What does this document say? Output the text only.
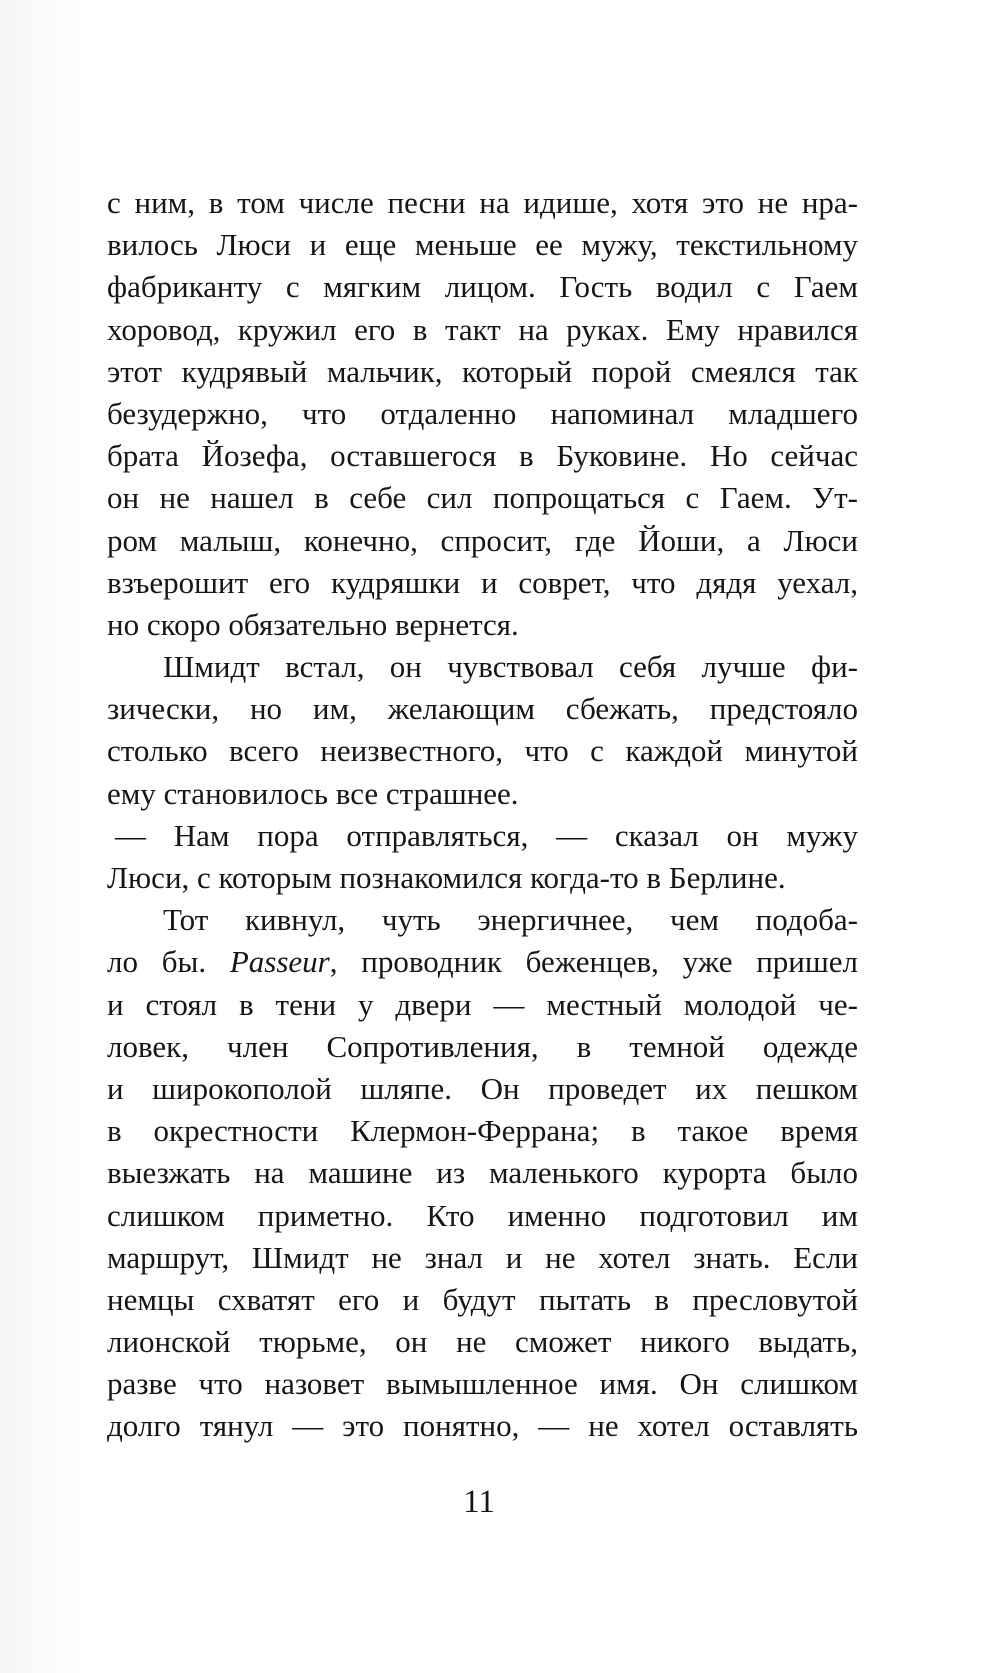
с ним, в том числе песни на идише, хотя это не нра-
вилось Люси и еще меньше ее мужу, текстильному
фабриканту с мягким лицом. Гость водил с Гаем
хоровод, кружил его в такт на руках. Ему нравился
этот кудрявый мальчик, который порой смеялся так
безудержно, что отдаленно напоминал младшего
брата Йозефа, оставшегося в Буковине. Но сейчас
он не нашел в себе сил попрощаться с Гаем. Ут-
ром малыш, конечно, спросит, где Йоши, а Люси
взъерошит его кудряшки и соврет, что дядя уехал,
но скоро обязательно вернется.
Шмидт встал, он чувствовал себя лучше фи-
зически, но им, желающим сбежать, предстояло
столько всего неизвестного, что с каждой минутой
ему становилось все страшнее.
— Нам пора отправляться, — сказал он мужу
Люси, с которым познакомился когда-то в Берлине.
Тот кивнул, чуть энергичнее, чем подоба-
ло бы. Passeur, проводник беженцев, уже пришел
и стоял в тени у двери — местный молодой че-
ловек, член Сопротивления, в темной одежде
и широкополой шляпе. Он проведет их пешком
в окрестности Клермон-Феррана; в такое время
выезжать на машине из маленького курорта было
слишком приметно. Кто именно подготовил им
маршрут, Шмидт не знал и не хотел знать. Если
немцы схватят его и будут пытать в пресловутой
лионской тюрьме, он не сможет никого выдать,
разве что назовет вымышленное имя. Он слишком
долго тянул — это понятно, — не хотел оставлять
11
